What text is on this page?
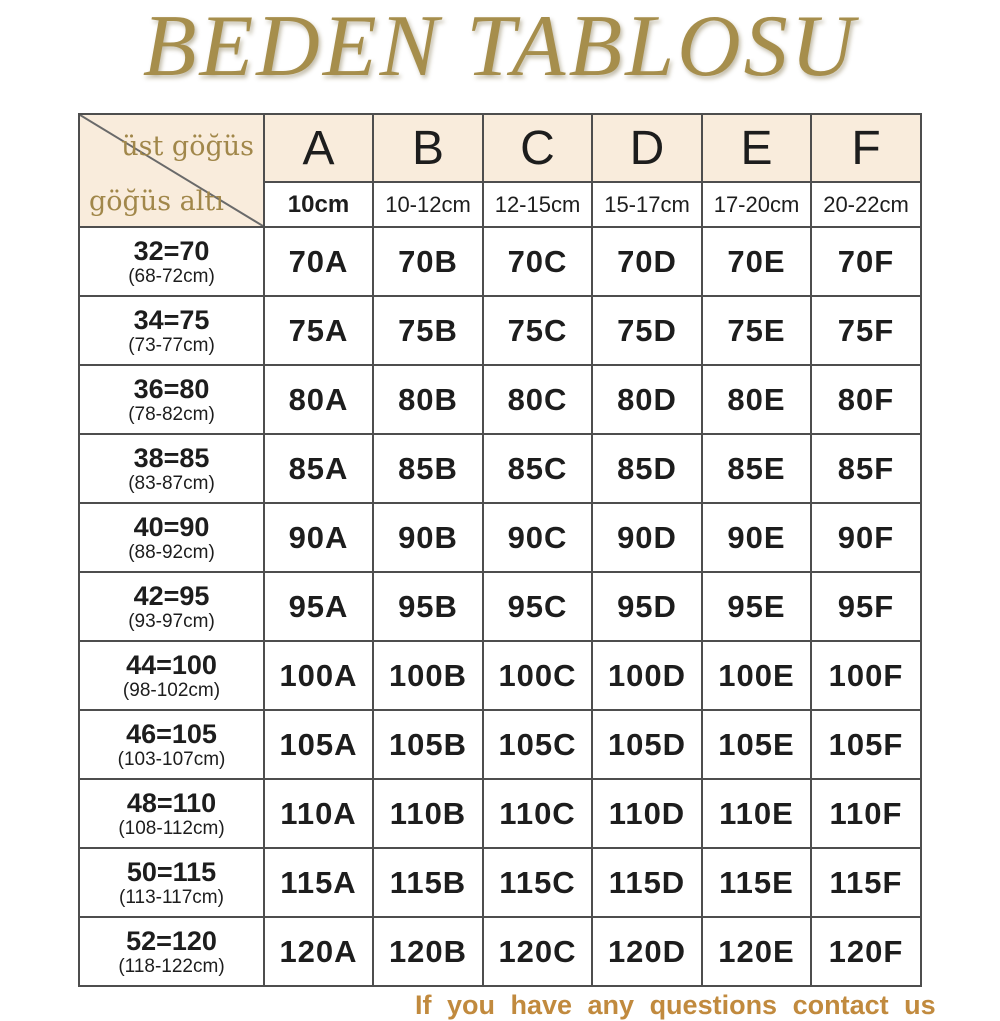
BEDEN TABLOSU
üst göğüs
göğüs altı	A	B	C	D	E	F
	10cm	10-12cm	12-15cm	15-17cm	17-20cm	20-22cm

32=70
(68-72cm)	70A	70B	70C	70D	70E	70F

34=75
(73-77cm)	75A	75B	75C	75D	75E	75F

36=80
(78-82cm)	80A	80B	80C	80D	80E	80F

38=85
(83-87cm)	85A	85B	85C	85D	85E	85F

40=90
(88-92cm)	90A	90B	90C	90D	90E	90F

42=95
(93-97cm)	95A	95B	95C	95D	95E	95F

44=100
(98-102cm)	100A	100B	100C	100D	100E	100F

46=105
(103-107cm)	105A	105B	105C	105D	105E	105F

48=110
(108-112cm)	110A	110B	110C	110D	110E	110F

50=115
(113-117cm)	115A	115B	115C	115D	115E	115F

52=120
(118-122cm)	120A	120B	120C	120D	120E	120F
If you have any questions contact us
